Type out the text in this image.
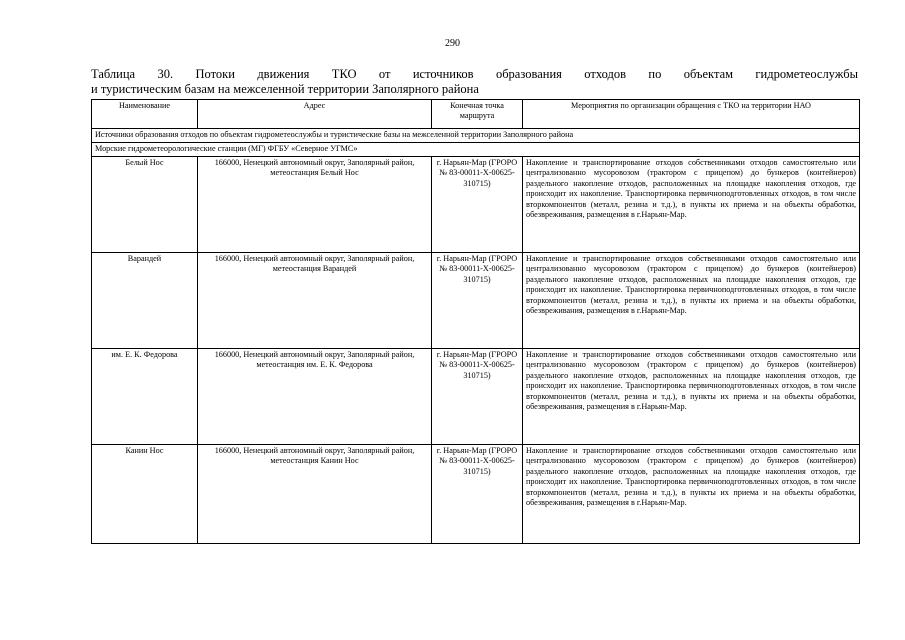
290
Таблица 30. Потоки движения ТКО от источников образования отходов по объектам гидрометеослужбы
и туристическим базам на межселенной территории Заполярного района
Наименование	Адрес	Конечная точка маршрута	Мероприятия по организации обращения с ТКО на территории НАО
Источники образования отходов по объектам гидрометеослужбы и туристические базы на межселенной территории Заполярного района			
Морские гидрометеорологические станции (МГ) ФГБУ «Северное УГМС»			
Белый Нос	166000, Ненецкий автономный округ, Заполярный район, метеостанция Белый Нос	г. Нарьян-Мар (ГРОРО № 83-00011-Х-00625-310715)	Накопление и транспортирование отходов собственниками отходов самостоятельно или централизованно мусоровозом (трактором с прицепом) до бункеров (контейнеров) раздельного накопление отходов, расположенных на площадке накопления отходов, где происходит их накопление. Транспортировка первичноподготовленных отходов, в том числе вторкомпонентов (металл, резина и т.д.), в пункты их приема и на объекты обработки, обезвреживания, размещения в г.Нарьян-Мар.
Варандей	166000, Ненецкий автономный округ, Заполярный район, метеостанция Варандей	г. Нарьян-Мар (ГРОРО № 83-00011-Х-00625-310715)	Накопление и транспортирование отходов собственниками отходов самостоятельно или централизованно мусоровозом (трактором с прицепом) до бункеров (контейнеров) раздельного накопление отходов, расположенных на площадке накопления отходов, где происходит их накопление. Транспортировка первичноподготовленных отходов, в том числе вторкомпонентов (металл, резина и т.д.), в пункты их приема и на объекты обработки, обезвреживания, размещения в г.Нарьян-Мар.
им. Е. К. Федорова	166000, Ненецкий автономный округ, Заполярный район, метеостанция им. Е. К. Федорова	г. Нарьян-Мар (ГРОРО № 83-00011-Х-00625-310715)	Накопление и транспортирование отходов собственниками отходов самостоятельно или централизованно мусоровозом (трактором с прицепом) до бункеров (контейнеров) раздельного накопление отходов, расположенных на площадке накопления отходов, где происходит их накопление. Транспортировка первичноподготовленных отходов, в том числе вторкомпонентов (металл, резина и т.д.), в пункты их приема и на объекты обработки, обезвреживания, размещения в г.Нарьян-Мар.
Канин Нос	166000, Ненецкий автономный округ, Заполярный район, метеостанция Канин Нос	г. Нарьян-Мар (ГРОРО № 83-00011-Х-00625-310715)	Накопление и транспортирование отходов собственниками отходов самостоятельно или централизованно мусоровозом (трактором с прицепом) до бункеров (контейнеров) раздельного накопление отходов, расположенных на площадке накопления отходов, где происходит их накопление. Транспортировка первичноподготовленных отходов, в том числе вторкомпонентов (металл, резина и т.д.), в пункты их приема и на объекты обработки, обезвреживания, размещения в г.Нарьян-Мар.
